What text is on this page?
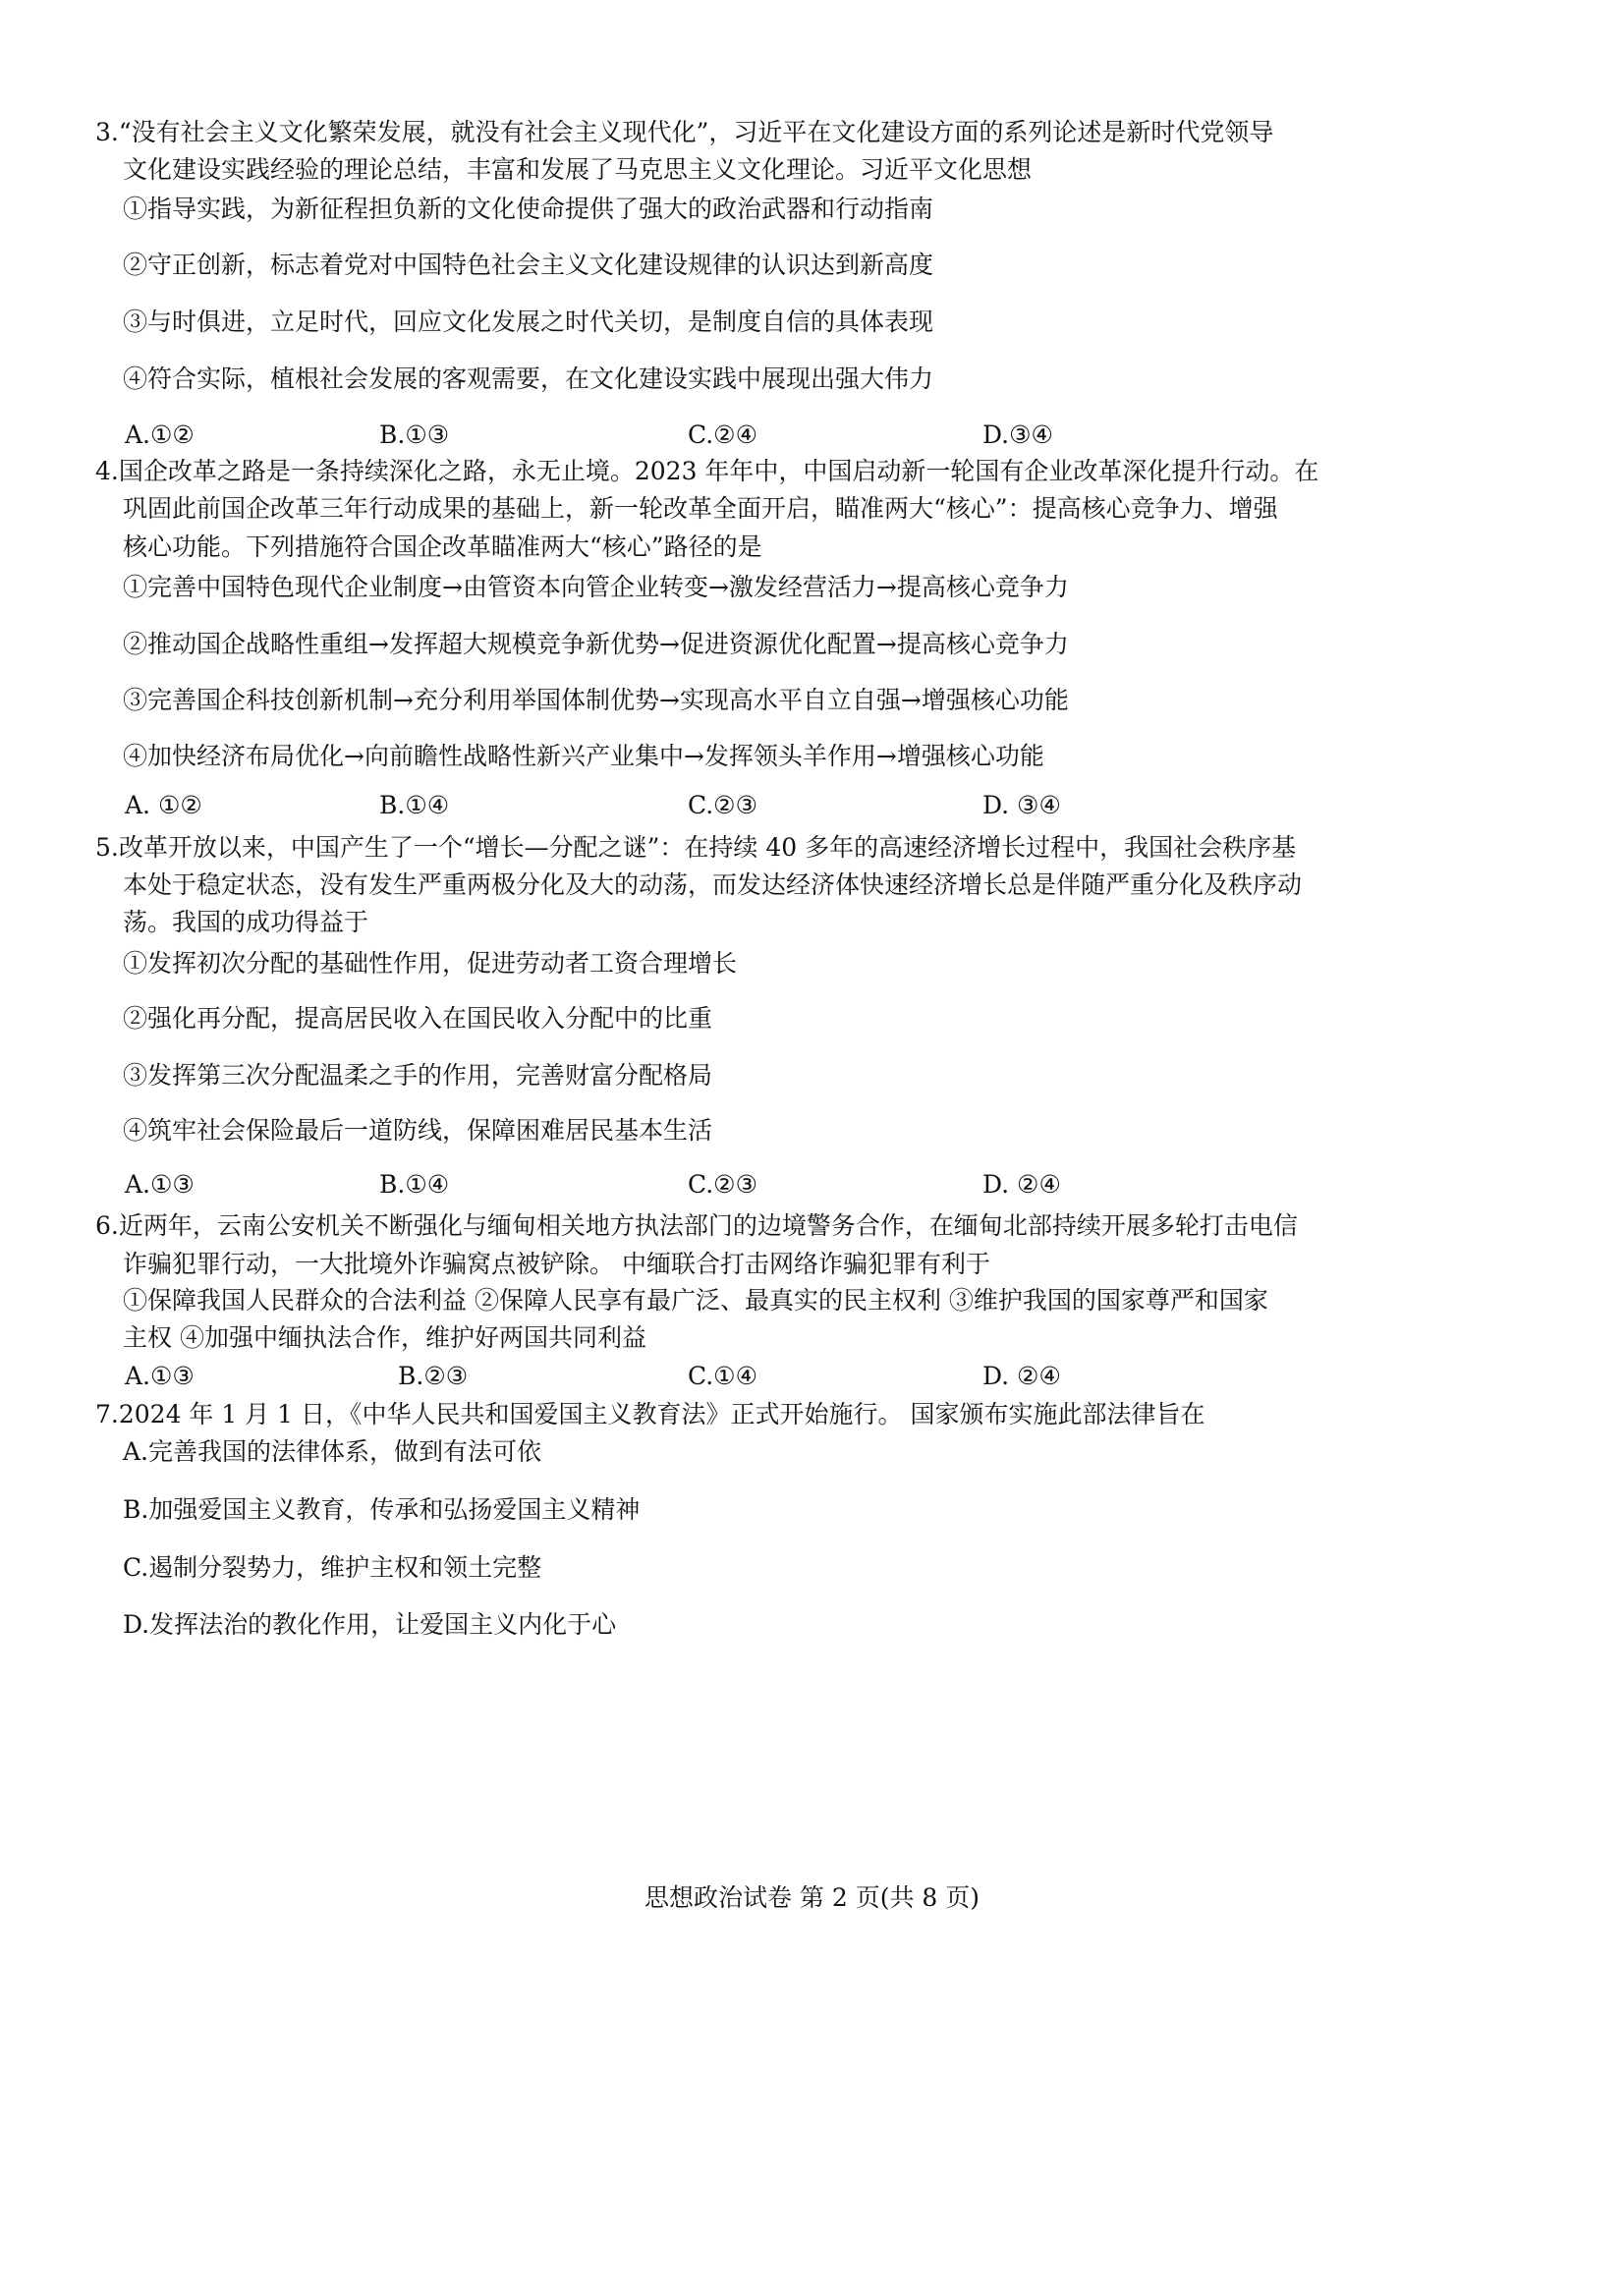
3.“没有社会主义文化繁荣发展，就没有社会主义现代化”，习近平在文化建设方面的系列论述是新时代党领导
文化建设实践经验的理论总结，丰富和发展了马克思主义文化理论。习近平文化思想
①指导实践，为新征程担负新的文化使命提供了强大的政治武器和行动指南
②守正创新，标志着党对中国特色社会主义文化建设规律的认识达到新高度
③与时俱进，立足时代，回应文化发展之时代关切，是制度自信的具体表现
④符合实际，植根社会发展的客观需要，在文化建设实践中展现出强大伟力
A.①②	B.①③	C.②④	D.③④
4.国企改革之路是一条持续深化之路，永无止境。2023 年年中，中国启动新一轮国有企业改革深化提升行动。在
巩固此前国企改革三年行动成果的基础上，新一轮改革全面开启，瞄准两大“核心”：提高核心竞争力、增强
核心功能。下列措施符合国企改革瞄准两大“核心”路径的是
①完善中国特色现代企业制度→由管资本向管企业转变→激发经营活力→提高核心竞争力
②推动国企战略性重组→发挥超大规模竞争新优势→促进资源优化配置→提高核心竞争力
③完善国企科技创新机制→充分利用举国体制优势→实现高水平自立自强→增强核心功能
④加快经济布局优化→向前瞻性战略性新兴产业集中→发挥领头羊作用→增强核心功能
A. ①②	B.①④	C.②③	D. ③④
5.改革开放以来，中国产生了一个“增长—分配之谜”：在持续 40 多年的高速经济增长过程中，我国社会秩序基
本处于稳定状态，没有发生严重两极分化及大的动荡，而发达经济体快速经济增长总是伴随严重分化及秩序动
荡。我国的成功得益于
①发挥初次分配的基础性作用，促进劳动者工资合理增长
②强化再分配，提高居民收入在国民收入分配中的比重
③发挥第三次分配温柔之手的作用，完善财富分配格局
④筑牢社会保险最后一道防线，保障困难居民基本生活
A.①③	B.①④	C.②③	D. ②④
6.近两年，云南公安机关不断强化与缅甸相关地方执法部门的边境警务合作，在缅甸北部持续开展多轮打击电信
诈骗犯罪行动，一大批境外诈骗窝点被铲除。 中缅联合打击网络诈骗犯罪有利于
①保障我国人民群众的合法利益 ②保障人民享有最广泛、最真实的民主权利 ③维护我国的国家尊严和国家
主权 ④加强中缅执法合作，维护好两国共同利益
A.①③	B.②③	C.①④	D. ②④
7.2024 年 1 月 1 日，《中华人民共和国爱国主义教育法》正式开始施行。 国家颁布实施此部法律旨在
A.完善我国的法律体系，做到有法可依
B.加强爱国主义教育，传承和弘扬爱国主义精神
C.遏制分裂势力，维护主权和领土完整
D.发挥法治的教化作用，让爱国主义内化于心
思想政治试卷 第 2 页(共 8 页)
